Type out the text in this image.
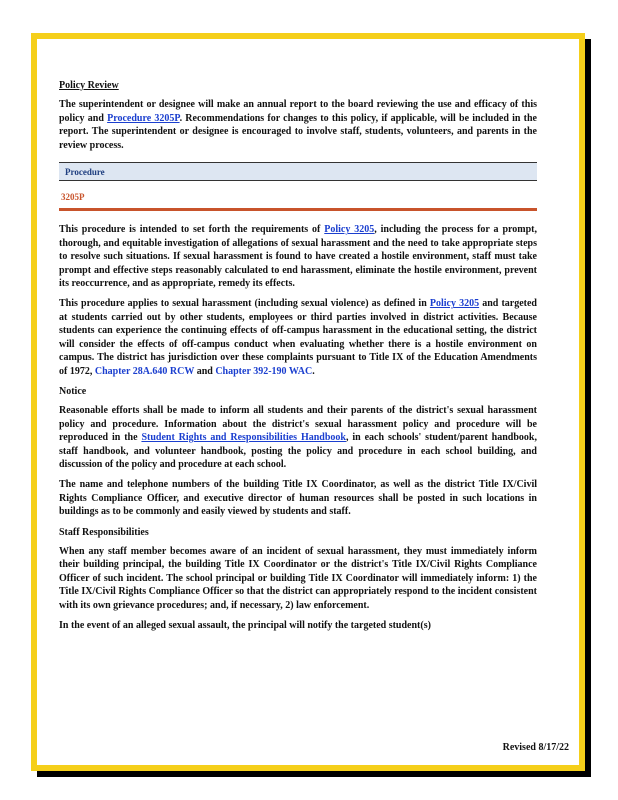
Policy Review

The superintendent or designee will make an annual report to the board reviewing the use and efficacy of this policy and Procedure 3205P. Recommendations for changes to this policy, if applicable, will be included in the report. The superintendent or designee is encouraged to involve staff, students, volunteers, and parents in the review process.

Procedure
3205P

This procedure is intended to set forth the requirements of Policy 3205, including the process for a prompt, thorough, and equitable investigation of allegations of sexual harassment and the need to take appropriate steps to resolve such situations. If sexual harassment is found to have created a hostile environment, staff must take prompt and effective steps reasonably calculated to end harassment, eliminate the hostile environment, prevent its reoccurrence, and as appropriate, remedy its effects.

This procedure applies to sexual harassment (including sexual violence) as defined in Policy 3205 and targeted at students carried out by other students, employees or third parties involved in district activities. Because students can experience the continuing effects of off-campus harassment in the educational setting, the district will consider the effects of off-campus conduct when evaluating whether there is a hostile environment on campus. The district has jurisdiction over these complaints pursuant to Title IX of the Education Amendments of 1972, Chapter 28A.640 RCW and Chapter 392-190 WAC.

Notice

Reasonable efforts shall be made to inform all students and their parents of the district's sexual harassment policy and procedure. Information about the district's sexual harassment policy and procedure will be reproduced in the Student Rights and Responsibilities Handbook, in each schools' student/parent handbook, staff handbook, and volunteer handbook, posting the policy and procedure in each school building, and discussion of the policy and procedure at each school.

The name and telephone numbers of the building Title IX Coordinator, as well as the district Title IX/Civil Rights Compliance Officer, and executive director of human resources shall be posted in such locations in buildings as to be commonly and easily viewed by students and staff.

Staff Responsibilities

When any staff member becomes aware of an incident of sexual harassment, they must immediately inform their building principal, the building Title IX Coordinator or the district's Title IX/Civil Rights Compliance Officer of such incident. The school principal or building Title IX Coordinator will immediately inform: 1) the Title IX/Civil Rights Compliance Officer so that the district can appropriately respond to the incident consistent with its own grievance procedures; and, if necessary, 2) law enforcement.

In the event of an alleged sexual assault, the principal will notify the targeted student(s)

Revised 8/17/22
